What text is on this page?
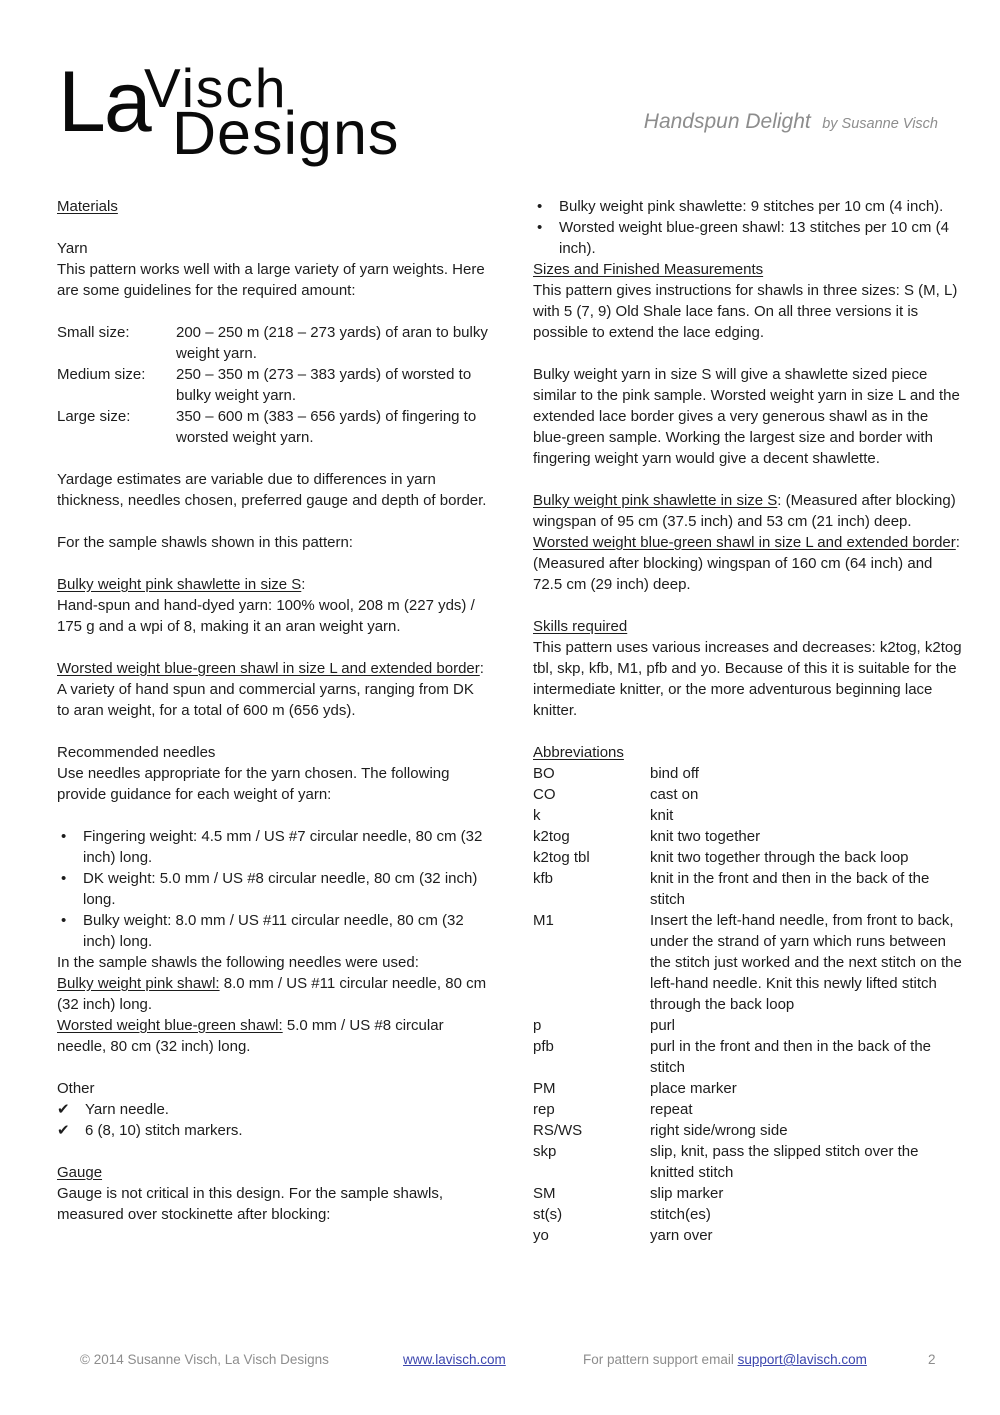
La
Visch
Designs	Handspun Delight by Susanne Visch

Materials

Yarn

This pattern works well with a large variety of yarn weights. Here are some guidelines for the required amount:

Small size:	200 – 250 m (218 – 273 yards) of aran to bulky weight yarn.
Medium size:	250 – 350 m (273 – 383 yards) of worsted to bulky weight yarn.
Large size:	350 – 600 m (383 – 656 yards) of fingering to worsted weight yarn.

Yardage estimates are variable due to differences in yarn thickness, needles chosen, preferred gauge and depth of border.

For the sample shawls shown in this pattern:

Bulky weight pink shawlette in size S:
Hand-spun and hand-dyed yarn: 100% wool, 208 m (227 yds) / 175 g and a wpi of 8, making it an aran weight yarn.

Worsted weight blue-green shawl in size L and extended border:
A variety of hand spun and commercial yarns, ranging from DK to aran weight, for a total of 600 m (656 yds).

Recommended needles

Use needles appropriate for the yarn chosen. The following provide guidance for each weight of yarn:

• Fingering weight: 4.5 mm / US #7 circular needle, 80 cm (32 inch) long.
• DK weight: 5.0 mm / US #8 circular needle, 80 cm (32 inch) long.
• Bulky weight: 8.0 mm / US #11 circular needle, 80 cm (32 inch) long.

In the sample shawls the following needles were used:

Bulky weight pink shawl: 8.0 mm / US #11 circular needle, 80 cm (32 inch) long.

Worsted weight blue-green shawl: 5.0 mm / US #8 circular needle, 80 cm (32 inch) long.

Other

✔ Yarn needle.
✔ 6 (8, 10) stitch markers.

Gauge

Gauge is not critical in this design. For the sample shawls, measured over stockinette after blocking:

• Bulky weight pink shawlette: 9 stitches per 10 cm (4 inch).
• Worsted weight blue-green shawl: 13 stitches per 10 cm (4 inch).

Sizes and Finished Measurements

This pattern gives instructions for shawls in three sizes: S (M, L) with 5 (7, 9) Old Shale lace fans. On all three versions it is possible to extend the lace edging.

Bulky weight yarn in size S will give a shawlette sized piece similar to the pink sample. Worsted weight yarn in size L and the extended lace border gives a very generous shawl as in the blue-green sample. Working the largest size and border with fingering weight yarn would give a decent shawlette.

Bulky weight pink shawlette in size S: (Measured after blocking) wingspan of 95 cm (37.5 inch) and 53 cm (21 inch) deep.

Worsted weight blue-green shawl in size L and extended border: (Measured after blocking) wingspan of 160 cm (64 inch) and 72.5 cm (29 inch) deep.

Skills required

This pattern uses various increases and decreases: k2tog, k2tog tbl, skp, kfb, M1, pfb and yo. Because of this it is suitable for the intermediate knitter, or the more adventurous beginning lace knitter.

Abbreviations

BO	bind off
CO	cast on
k	knit
k2tog	knit two together
k2tog tbl	knit two together through the back loop
kfb	knit in the front and then in the back of the stitch
M1	Insert the left-hand needle, from front to back, under the strand of yarn which runs between the stitch just worked and the next stitch on the left-hand needle. Knit this newly lifted stitch through the back loop
p	purl
pfb	purl in the front and then in the back of the stitch
PM	place marker
rep	repeat
RS/WS	right side/wrong side
skp	slip, knit, pass the slipped stitch over the knitted stitch
SM	slip marker
st(s)	stitch(es)
yo	yarn over
© 2014 Susanne Visch, La Visch Designs	www.lavisch.com	For pattern support email support@lavisch.com	2
